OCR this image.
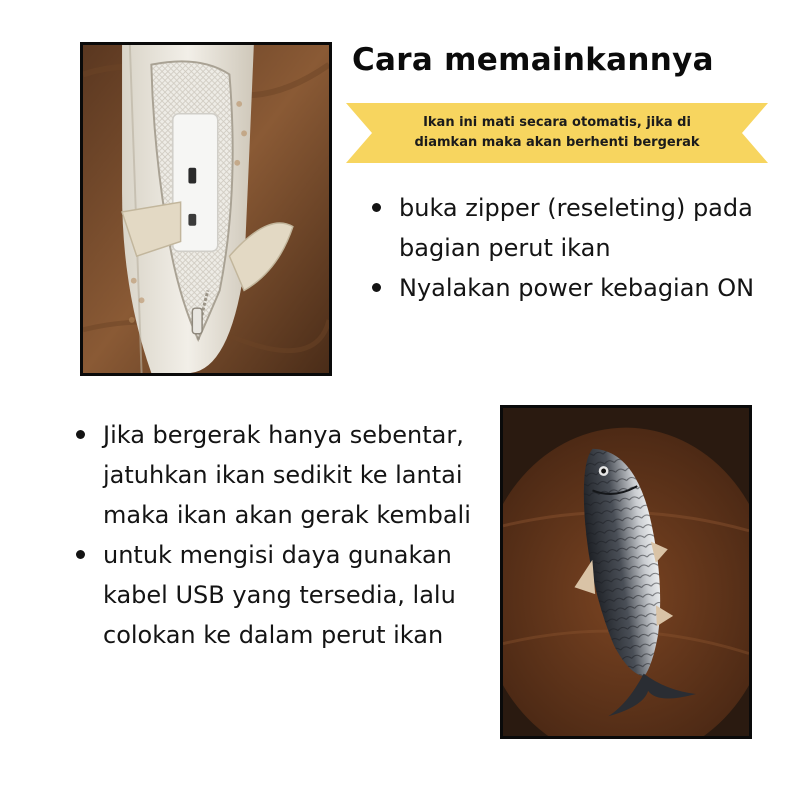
Cara memainkannya
Ikan ini mati secara otomatis, jika di diamkan maka akan berhenti bergerak
buka zipper (reseleting) pada bagian perut ikan
Nyalakan power kebagian ON
Jika bergerak hanya sebentar, jatuhkan ikan sedikit ke lantai maka ikan akan gerak kembali
untuk mengisi daya gunakan kabel USB yang tersedia, lalu colokan ke dalam perut ikan
